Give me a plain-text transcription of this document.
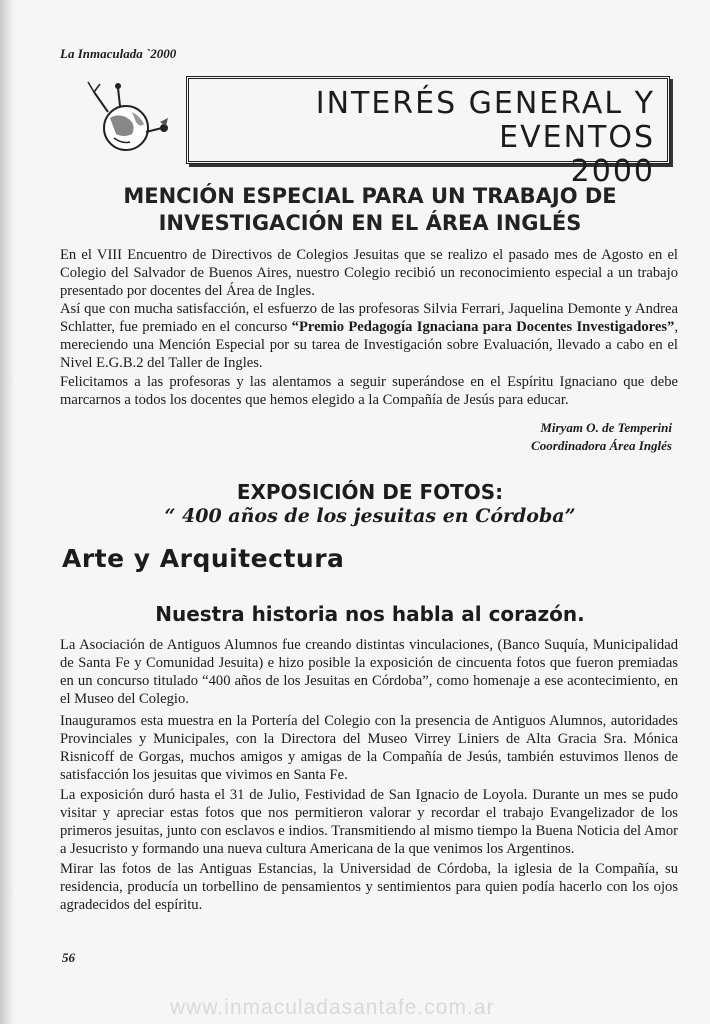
La Inmaculada `2000
INTERÉS GENERAL Y EVENTOS
2000
MENCIÓN ESPECIAL PARA UN TRABAJO DE
INVESTIGACIÓN EN EL ÁREA INGLÉS
En el VIII Encuentro de Directivos de Colegios Jesuitas que se realizo el pasado mes de Agosto en el Colegio del Salvador de Buenos Aires, nuestro Colegio recibió un reconocimiento especial a un trabajo presentado por docentes del Área de Ingles.
Así que con mucha satisfacción, el esfuerzo de las profesoras Silvia Ferrari, Jaquelina Demonte y Andrea Schlatter, fue premiado en el concurso “Premio Pedagogía Ignaciana para Docentes Investigadores”, mereciendo una Mención Especial por su tarea de Investigación sobre Evaluación, llevado a cabo en el Nivel E.G.B.2 del Taller de Ingles.
Felicitamos a las profesoras y las alentamos a seguir superándose en el Espíritu Ignaciano que debe marcarnos a todos los docentes que hemos elegido a la Compañía de Jesús para educar.
Miryam O. de Temperini
Coordinadora Área Inglés
EXPOSICIÓN DE FOTOS:
“ 400 años de los jesuitas en Córdoba”
Arte y Arquitectura
Nuestra historia nos habla al corazón.
La Asociación de Antiguos Alumnos fue creando distintas vinculaciones, (Banco Suquía, Municipalidad de Santa Fe y Comunidad Jesuita) e hizo posible la exposición de cincuenta fotos que fueron premiadas en un concurso titulado “400 años de los Jesuitas en Córdoba”, como homenaje a ese acontecimiento, en el Museo del Colegio.
Inauguramos esta muestra en la Portería del Colegio con la presencia de Antiguos Alumnos, autoridades Provinciales y Municipales, con la Directora del Museo Virrey Liniers de Alta Gracia Sra. Mónica Risnicoff de Gorgas, muchos amigos y amigas de la Compañía de Jesús, también estuvimos llenos de satisfacción los jesuitas que vivimos en Santa Fe.
La exposición duró hasta el 31 de Julio, Festividad de San Ignacio de Loyola. Durante un mes se pudo visitar y apreciar estas fotos que nos permitieron valorar y recordar el trabajo Evangelizador de los primeros jesuitas, junto con esclavos e indios. Transmitiendo al mismo tiempo la Buena Noticia del Amor a Jesucristo y formando una nueva cultura Americana de la que venimos los Argentinos.
Mirar las fotos de las Antiguas Estancias, la Universidad de Córdoba, la iglesia de la Compañía, su residencia, producía un torbellino de pensamientos y sentimientos para quien podía hacerlo con los ojos agradecidos del espíritu.
56
www.inmaculadasantafe.com.ar
